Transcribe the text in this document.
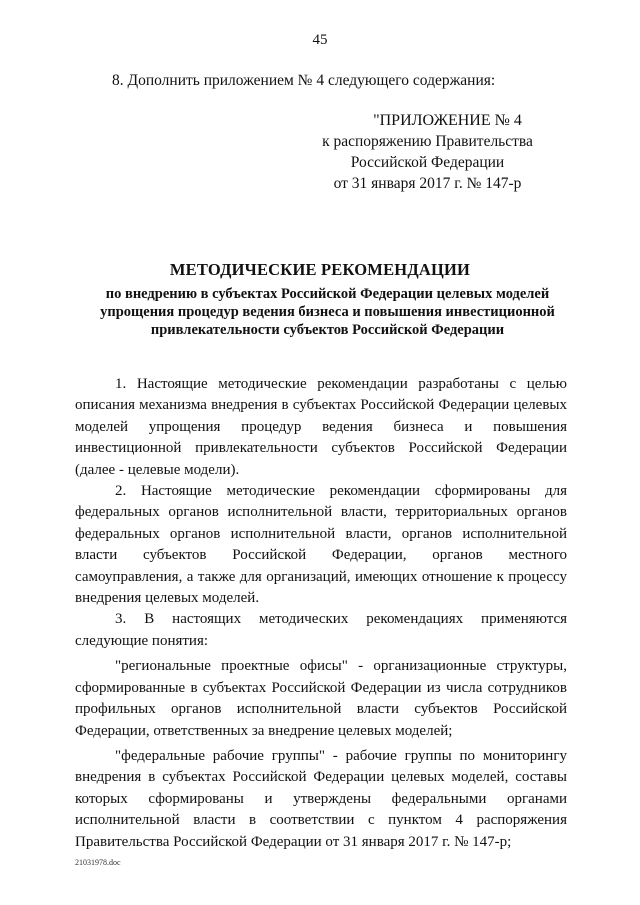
45
8. Дополнить приложением № 4 следующего содержания:
"ПРИЛОЖЕНИЕ № 4
к распоряжению Правительства
Российской Федерации
от 31 января 2017 г. № 147-р
МЕТОДИЧЕСКИЕ РЕКОМЕНДАЦИИ
по внедрению в субъектах Российской Федерации целевых моделей упрощения процедур ведения бизнеса и повышения инвестиционной привлекательности субъектов Российской Федерации

1. Настоящие методические рекомендации разработаны с целью описания механизма внедрения в субъектах Российской Федерации целевых моделей упрощения процедур ведения бизнеса и повышения инвестиционной привлекательности субъектов Российской Федерации (далее - целевые модели).

2. Настоящие методические рекомендации сформированы для федеральных органов исполнительной власти, территориальных органов федеральных органов исполнительной власти, органов исполнительной власти субъектов Российской Федерации, органов местного самоуправления, а также для организаций, имеющих отношение к процессу внедрения целевых моделей.

3. В настоящих методических рекомендациях применяются следующие понятия:

"региональные проектные офисы" - организационные структуры, сформированные в субъектах Российской Федерации из числа сотрудников профильных органов исполнительной власти субъектов Российской Федерации, ответственных за внедрение целевых моделей;

"федеральные рабочие группы" - рабочие группы по мониторингу внедрения в субъектах Российской Федерации целевых моделей, составы которых сформированы и утверждены федеральными органами исполнительной власти в соответствии с пунктом 4 распоряжения Правительства Российской Федерации от 31 января 2017 г. № 147-р;

21031978.doc
